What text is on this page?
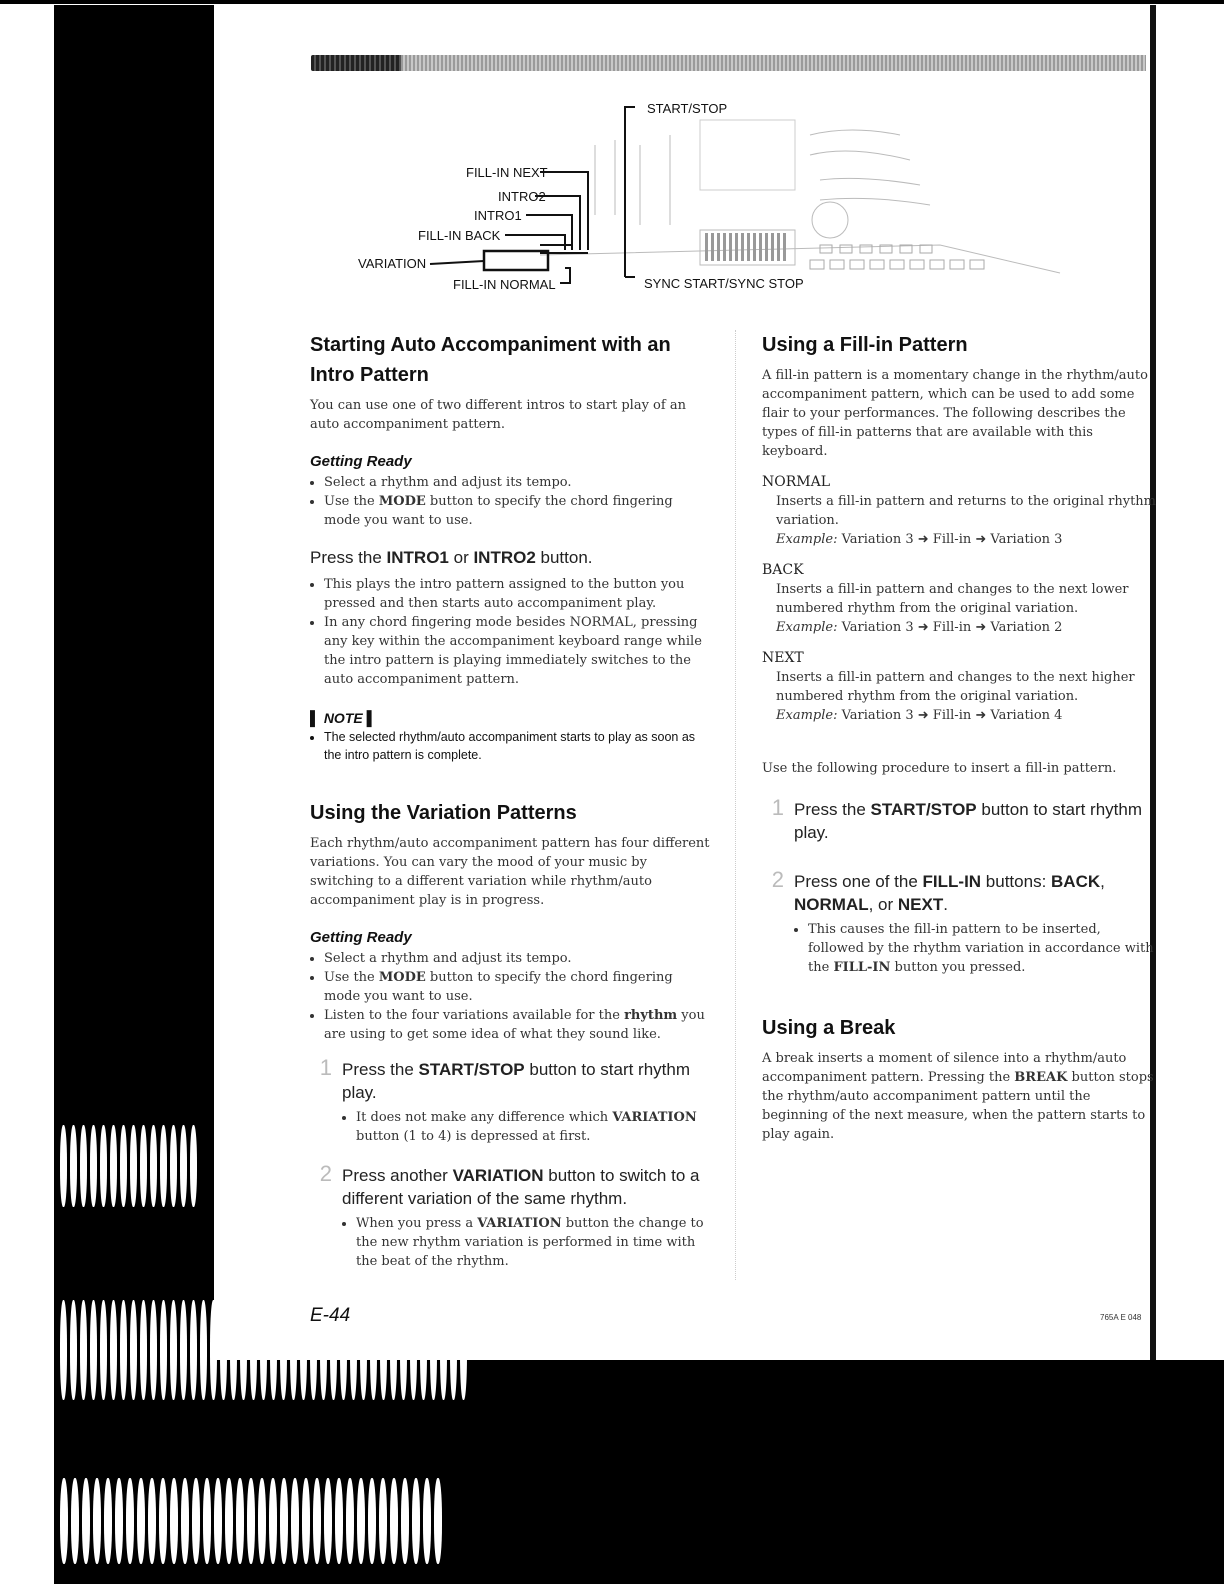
START/STOP
FILL-IN NEXT
INTRO2
INTRO1
FILL-IN BACK
VARIATION
FILL-IN NORMAL	SYNC START/SYNC STOP
Starting Auto Accompaniment with an Intro Pattern

You can use one of two different intros to start play of an auto accompaniment pattern.

Getting Ready
• Select a rhythm and adjust its tempo.
• Use the MODE button to specify the chord fingering mode you want to use.
Press the INTRO1 or INTRO2 button.
• This plays the intro pattern assigned to the button you pressed and then starts auto accompaniment play.
• In any chord fingering mode besides NORMAL, pressing any key within the accompaniment keyboard range while the intro pattern is playing immediately switches to the auto accompaniment pattern.
▌ NOTE ▌
• The selected rhythm/auto accompaniment starts to play as soon as the intro pattern is complete.
Using the Variation Patterns

Each rhythm/auto accompaniment pattern has four different variations. You can vary the mood of your music by switching to a different variation while rhythm/auto accompaniment play is in progress.

Getting Ready
• Select a rhythm and adjust its tempo.
• Use the MODE button to specify the chord fingering mode you want to use.
• Listen to the four variations available for the rhythm you are using to get some idea of what they sound like.
1 Press the START/STOP button to start rhythm play.
• It does not make any difference which VARIATION button (1 to 4) is depressed at first.
2 Press another VARIATION button to switch to a different variation of the same rhythm.
• When you press a VARIATION button the change to the new rhythm variation is performed in time with the beat of the rhythm.
Using a Fill-in Pattern

A fill-in pattern is a momentary change in the rhythm/auto accompaniment pattern, which can be used to add some flair to your performances. The following describes the types of fill-in patterns that are available with this keyboard.

NORMAL

Inserts a fill-in pattern and returns to the original rhythm variation.

Example: Variation 3 ➜ Fill-in ➜ Variation 3

BACK

Inserts a fill-in pattern and changes to the next lower numbered rhythm from the original variation.

Example: Variation 3 ➜ Fill-in ➜ Variation 2

NEXT

Inserts a fill-in pattern and changes to the next higher numbered rhythm from the original variation.

Example: Variation 3 ➜ Fill-in ➜ Variation 4

Use the following procedure to insert a fill-in pattern.

1 Press the START/STOP button to start rhythm play.
2 Press one of the FILL-IN buttons: BACK, NORMAL, or NEXT.
• This causes the fill-in pattern to be inserted, followed by the rhythm variation in accordance with the FILL-IN button you pressed.
Using a Break

A break inserts a moment of silence into a rhythm/auto accompaniment pattern. Pressing the BREAK button stops the rhythm/auto accompaniment pattern until the beginning of the next measure, when the pattern starts to play again.

E-44	765A E 048
